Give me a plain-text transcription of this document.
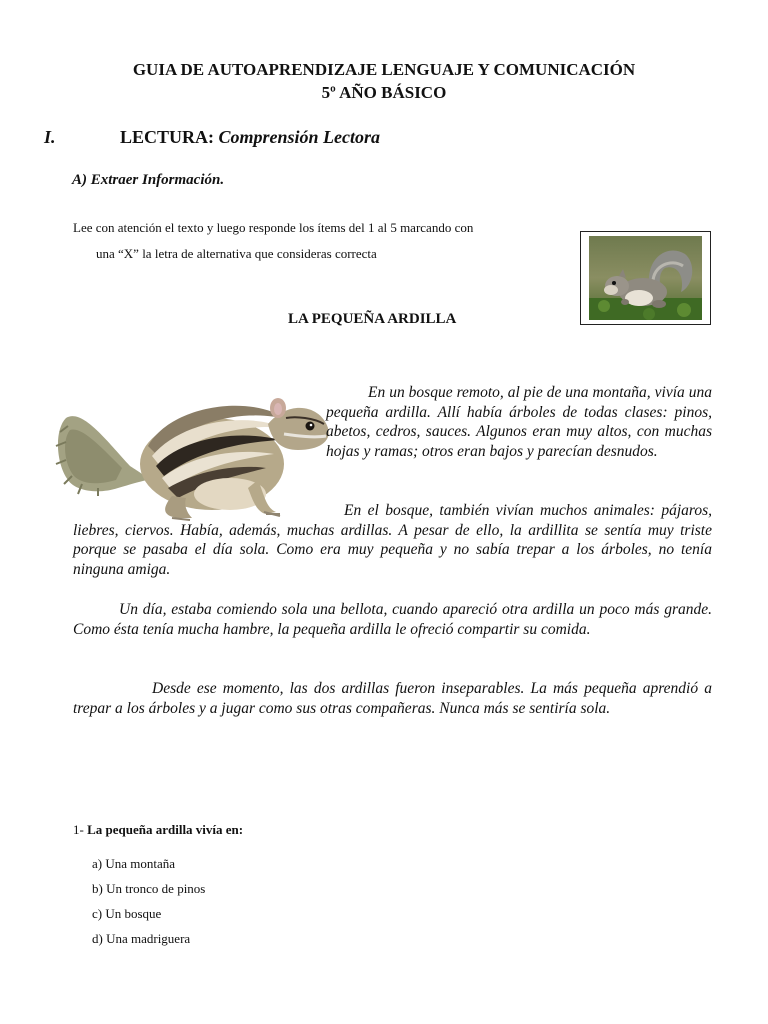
GUIA DE AUTOAPRENDIZAJE LENGUAJE Y COMUNICACIÓN
5º AÑO BÁSICO
I.	LECTURA: Comprensión Lectora
A) Extraer Información.
Lee con atención el texto y luego responde los ítems del 1 al 5 marcando con
una “X” la letra de alternativa que consideras correcta
LA PEQUEÑA ARDILLA
En un bosque remoto, al pie de una montaña, vivía una pequeña ardilla. Allí había árboles de todas clases: pinos, abetos, cedros, sauces. Algunos eran muy altos, con muchas hojas y ramas; otros eran bajos y parecían desnudos.
En el bosque, también vivían muchos animales: pájaros, liebres, ciervos. Había, además, muchas ardillas. A pesar de ello, la ardillita se sentía muy triste porque se pasaba el día sola. Como era muy pequeña y no sabía trepar a los árboles, no tenía ninguna amiga.
Un día, estaba comiendo sola una bellota, cuando apareció otra ardilla un poco más grande. Como ésta tenía mucha hambre, la pequeña ardilla le ofreció compartir su comida.
Desde ese momento, las dos ardillas fueron inseparables. La más pequeña aprendió a trepar a los árboles y a jugar como sus otras compañeras. Nunca más se sentiría sola.
1- La pequeña ardilla vivía en:
a) Una montaña
b) Un tronco de pinos
c) Un bosque
d) Una madriguera
